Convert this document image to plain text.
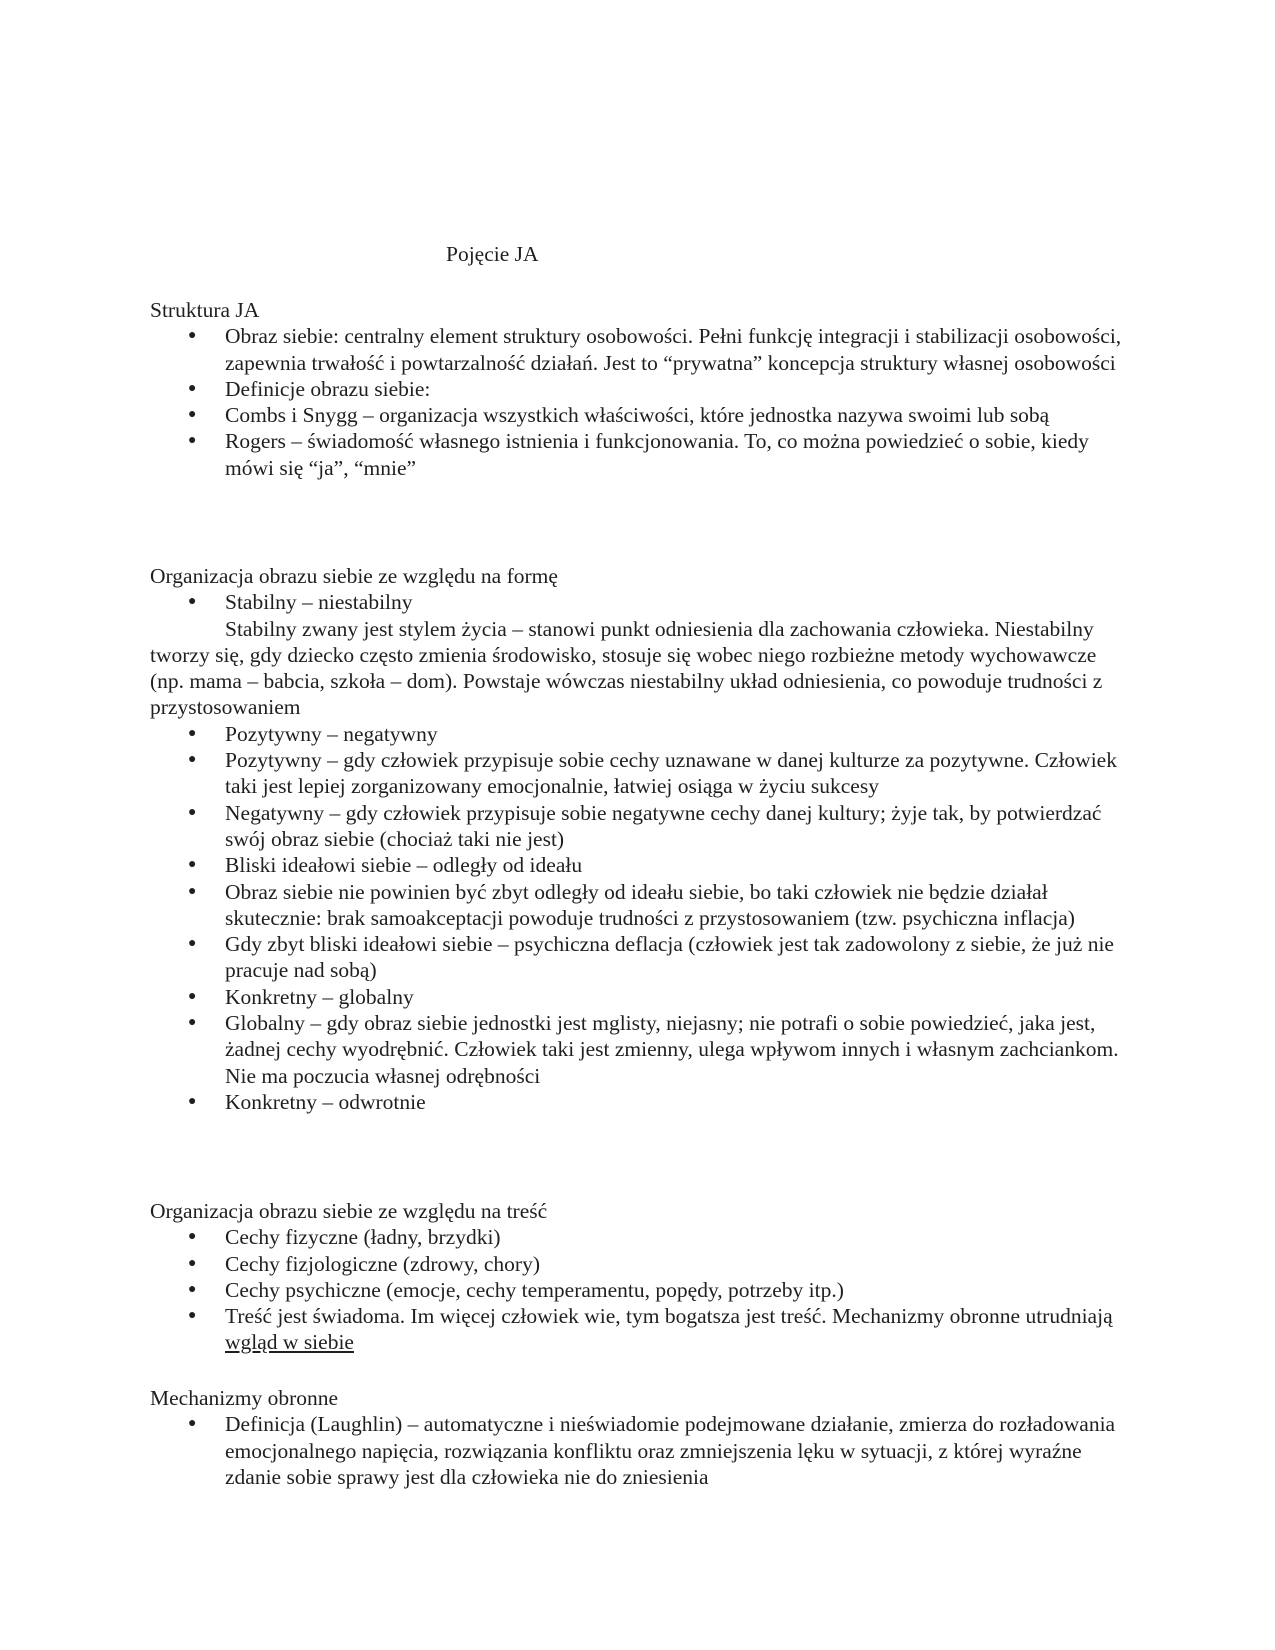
Pojęcie JA

Struktura JA

● Obraz siebie: centralny element struktury osobowości. Pełni funkcję integracji i stabilizacji osobowości, zapewnia trwałość i powtarzalność działań. Jest to “prywatna” koncepcja struktury własnej osobowości
● Definicje obrazu siebie:
● Combs i Snygg – organizacja wszystkich właściwości, które jednostka nazywa swoimi lub sobą
● Rogers – świadomość własnego istnienia i funkcjonowania. To, co można powiedzieć o sobie, kiedy mówi się “ja”, “mnie”

Organizacja obrazu siebie ze względu na formę

● Stabilny – niestabilny

Stabilny zwany jest stylem życia – stanowi punkt odniesienia dla zachowania człowieka. Niestabilny tworzy się, gdy dziecko często zmienia środowisko, stosuje się wobec niego rozbieżne metody wychowawcze (np. mama – babcia, szkoła – dom). Powstaje wówczas niestabilny układ odniesienia, co powoduje trudności z przystosowaniem

● Pozytywny – negatywny
● Pozytywny – gdy człowiek przypisuje sobie cechy uznawane w danej kulturze za pozytywne. Człowiek taki jest lepiej zorganizowany emocjonalnie, łatwiej osiąga w życiu sukcesy
● Negatywny – gdy człowiek przypisuje sobie negatywne cechy danej kultury; żyje tak, by potwierdzać swój obraz siebie (chociaż taki nie jest)
● Bliski ideałowi siebie – odległy od ideału
● Obraz siebie nie powinien być zbyt odległy od ideału siebie, bo taki człowiek nie będzie działał skutecznie: brak samoakceptacji powoduje trudności z przystosowaniem (tzw. psychiczna inflacja)
● Gdy zbyt bliski ideałowi siebie – psychiczna deflacja (człowiek jest tak zadowolony z siebie, że już nie pracuje nad sobą)
● Konkretny – globalny
● Globalny – gdy obraz siebie jednostki jest mglisty, niejasny; nie potrafi o sobie powiedzieć, jaka jest, żadnej cechy wyodrębnić. Człowiek taki jest zmienny, ulega wpływom innych i własnym zachciankom. Nie ma poczucia własnej odrębności
● Konkretny – odwrotnie

Organizacja obrazu siebie ze względu na treść

● Cechy fizyczne (ładny, brzydki)
● Cechy fizjologiczne (zdrowy, chory)
● Cechy psychiczne (emocje, cechy temperamentu, popędy, potrzeby itp.)
● Treść jest świadoma. Im więcej człowiek wie, tym bogatsza jest treść. Mechanizmy obronne utrudniają wgląd w siebie

Mechanizmy obronne

● Definicja (Laughlin) – automatyczne i nieświadomie podejmowane działanie, zmierza do rozładowania emocjonalnego napięcia, rozwiązania konfliktu oraz zmniejszenia lęku w sytuacji, z której wyraźne zdanie sobie sprawy jest dla człowieka nie do zniesienia
